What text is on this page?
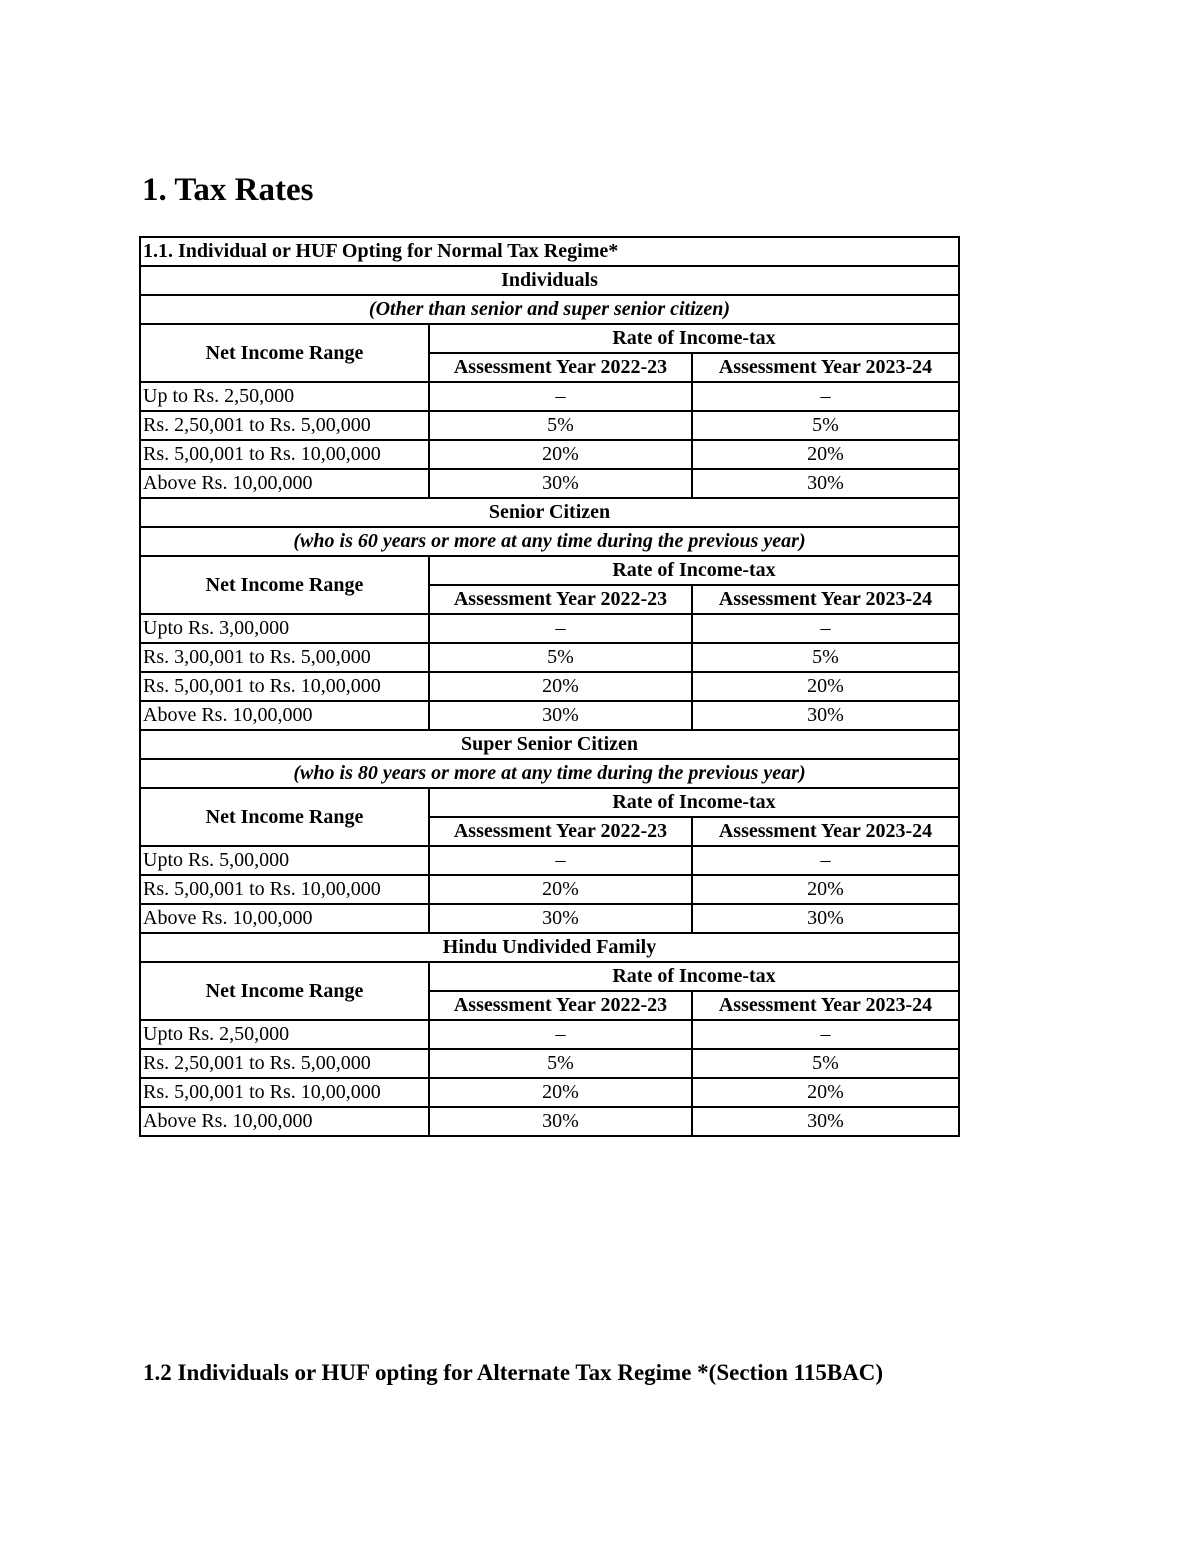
1. Tax Rates
1.1. Individual or HUF Opting for Normal Tax Regime*		
Individuals		
(Other than senior and super senior citizen)		
Net Income Range	Rate of Income-tax	
	Assessment Year 2022-23	Assessment Year 2023-24
Up to Rs. 2,50,000	–	–
Rs. 2,50,001 to Rs. 5,00,000	5%	5%
Rs. 5,00,001 to Rs. 10,00,000	20%	20%
Above Rs. 10,00,000	30%	30%
Senior Citizen		
(who is 60 years or more at any time during the previous year)		
Net Income Range	Rate of Income-tax	
	Assessment Year 2022-23	Assessment Year 2023-24
Upto Rs. 3,00,000	–	–
Rs. 3,00,001 to Rs. 5,00,000	5%	5%
Rs. 5,00,001 to Rs. 10,00,000	20%	20%
Above Rs. 10,00,000	30%	30%
Super Senior Citizen		
(who is 80 years or more at any time during the previous year)		
Net Income Range	Rate of Income-tax	
	Assessment Year 2022-23	Assessment Year 2023-24
Upto Rs. 5,00,000	–	–
Rs. 5,00,001 to Rs. 10,00,000	20%	20%
Above Rs. 10,00,000	30%	30%
Hindu Undivided Family		
Net Income Range	Rate of Income-tax	
	Assessment Year 2022-23	Assessment Year 2023-24
Upto Rs. 2,50,000	–	–
Rs. 2,50,001 to Rs. 5,00,000	5%	5%
Rs. 5,00,001 to Rs. 10,00,000	20%	20%
Above Rs. 10,00,000	30%	30%
1.2 Individuals or HUF opting for Alternate Tax Regime *(Section 115BAC)
